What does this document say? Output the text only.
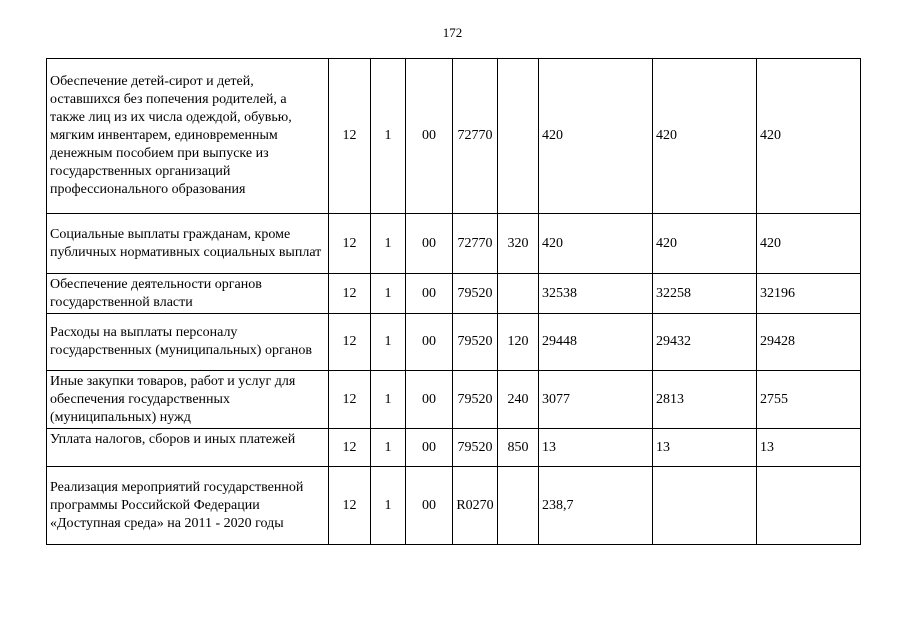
172
Обеспечение детей-сирот и детей, оставшихся без попечения родителей, а также лиц из их числа одеждой, обувью, мягким инвентарем, единовременным денежным пособием при выпуске из государственных организаций профессионального образования	12	1	00	72770		420	420	420
Социальные выплаты гражданам, кроме публичных нормативных социальных выплат	12	1	00	72770	320	420	420	420
Обеспечение деятельности органов государственной власти	12	1	00	79520		32538	32258	32196
Расходы на выплаты персоналу государственных (муниципальных) органов	12	1	00	79520	120	29448	29432	29428
Иные закупки товаров, работ и услуг для обеспечения государственных (муниципальных) нужд	12	1	00	79520	240	3077	2813	2755
Уплата налогов, сборов и иных платежей	12	1	00	79520	850	13	13	13
Реализация мероприятий государственной программы Российской Федерации «Доступная среда» на 2011 - 2020 годы	12	1	00	R0270		238,7		
